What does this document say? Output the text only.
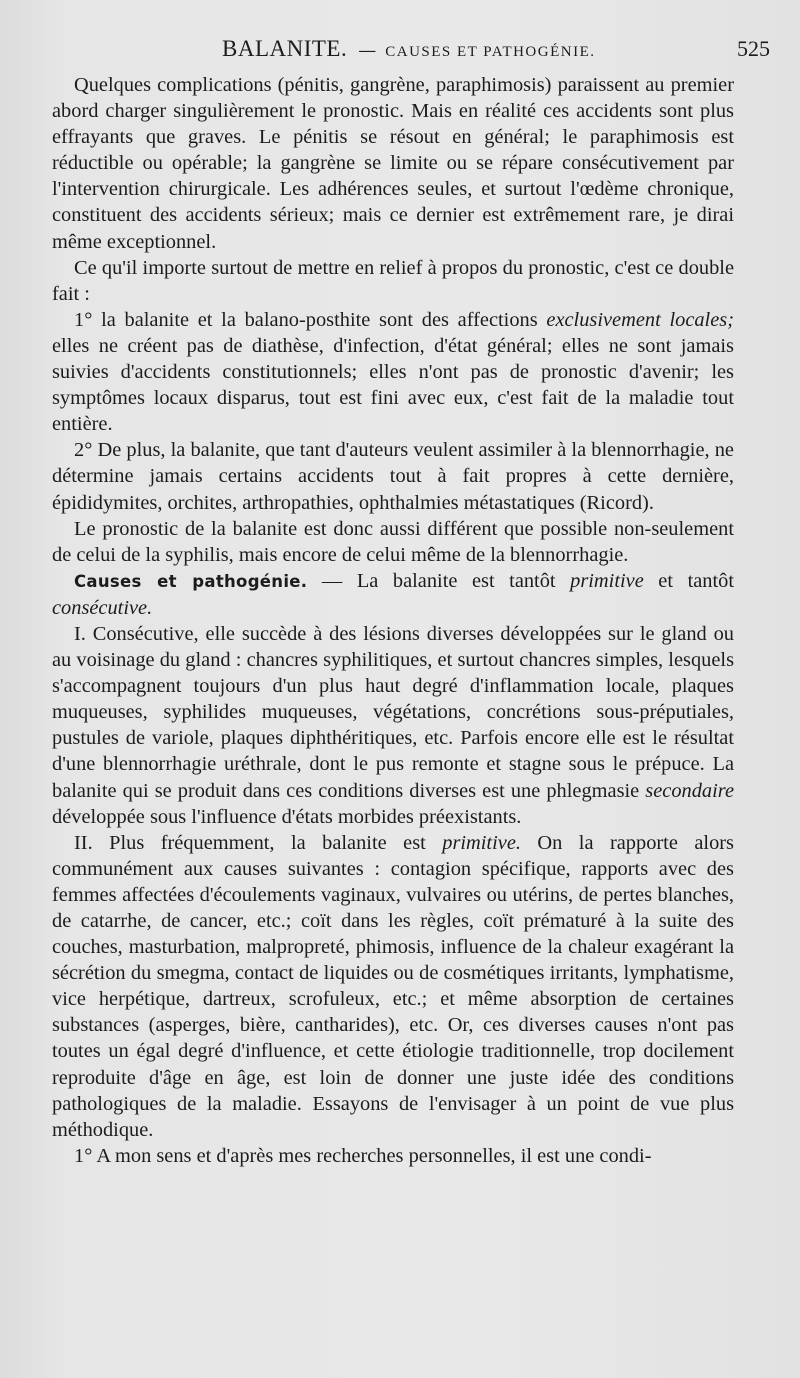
BALANITE. — CAUSES ET PATHOGÉNIE.	525

Quelques complications (pénitis, gangrène, paraphimosis) paraissent au premier abord charger singulièrement le pronostic. Mais en réalité ces accidents sont plus effrayants que graves. Le pénitis se résout en général; le paraphimosis est réductible ou opérable; la gangrène se limite ou se répare consécutivement par l'intervention chirurgicale. Les adhérences seules, et surtout l'œdème chronique, constituent des accidents sérieux; mais ce dernier est extrêmement rare, je dirai même exceptionnel.

Ce qu'il importe surtout de mettre en relief à propos du pronostic, c'est ce double fait :

1° la balanite et la balano-posthite sont des affections exclusivement locales; elles ne créent pas de diathèse, d'infection, d'état général; elles ne sont jamais suivies d'accidents constitutionnels; elles n'ont pas de pronostic d'avenir; les symptômes locaux disparus, tout est fini avec eux, c'est fait de la maladie tout entière.

2° De plus, la balanite, que tant d'auteurs veulent assimiler à la blennorrhagie, ne détermine jamais certains accidents tout à fait propres à cette dernière, épididymites, orchites, arthropathies, ophthalmies métastatiques (Ricord).

Le pronostic de la balanite est donc aussi différent que possible non-seulement de celui de la syphilis, mais encore de celui même de la blennorrhagie.

Causes et pathogénie. — La balanite est tantôt primitive et tantôt consécutive.

I. Consécutive, elle succède à des lésions diverses développées sur le gland ou au voisinage du gland : chancres syphilitiques, et surtout chancres simples, lesquels s'accompagnent toujours d'un plus haut degré d'inflammation locale, plaques muqueuses, syphilides muqueuses, végétations, concrétions sous-préputiales, pustules de variole, plaques diphthéritiques, etc. Parfois encore elle est le résultat d'une blennorrhagie uréthrale, dont le pus remonte et stagne sous le prépuce. La balanite qui se produit dans ces conditions diverses est une phlegmasie secondaire développée sous l'influence d'états morbides préexistants.

II. Plus fréquemment, la balanite est primitive. On la rapporte alors communément aux causes suivantes : contagion spécifique, rapports avec des femmes affectées d'écoulements vaginaux, vulvaires ou utérins, de pertes blanches, de catarrhe, de cancer, etc.; coït dans les règles, coït prématuré à la suite des couches, masturbation, malpropreté, phimosis, influence de la chaleur exagérant la sécrétion du smegma, contact de liquides ou de cosmétiques irritants, lymphatisme, vice herpétique, dartreux, scrofuleux, etc.; et même absorption de certaines substances (asperges, bière, cantharides), etc. Or, ces diverses causes n'ont pas toutes un égal degré d'influence, et cette étiologie traditionnelle, trop docilement reproduite d'âge en âge, est loin de donner une juste idée des conditions pathologiques de la maladie. Essayons de l'envisager à un point de vue plus méthodique.

1° A mon sens et d'après mes recherches personnelles, il est une condi-
